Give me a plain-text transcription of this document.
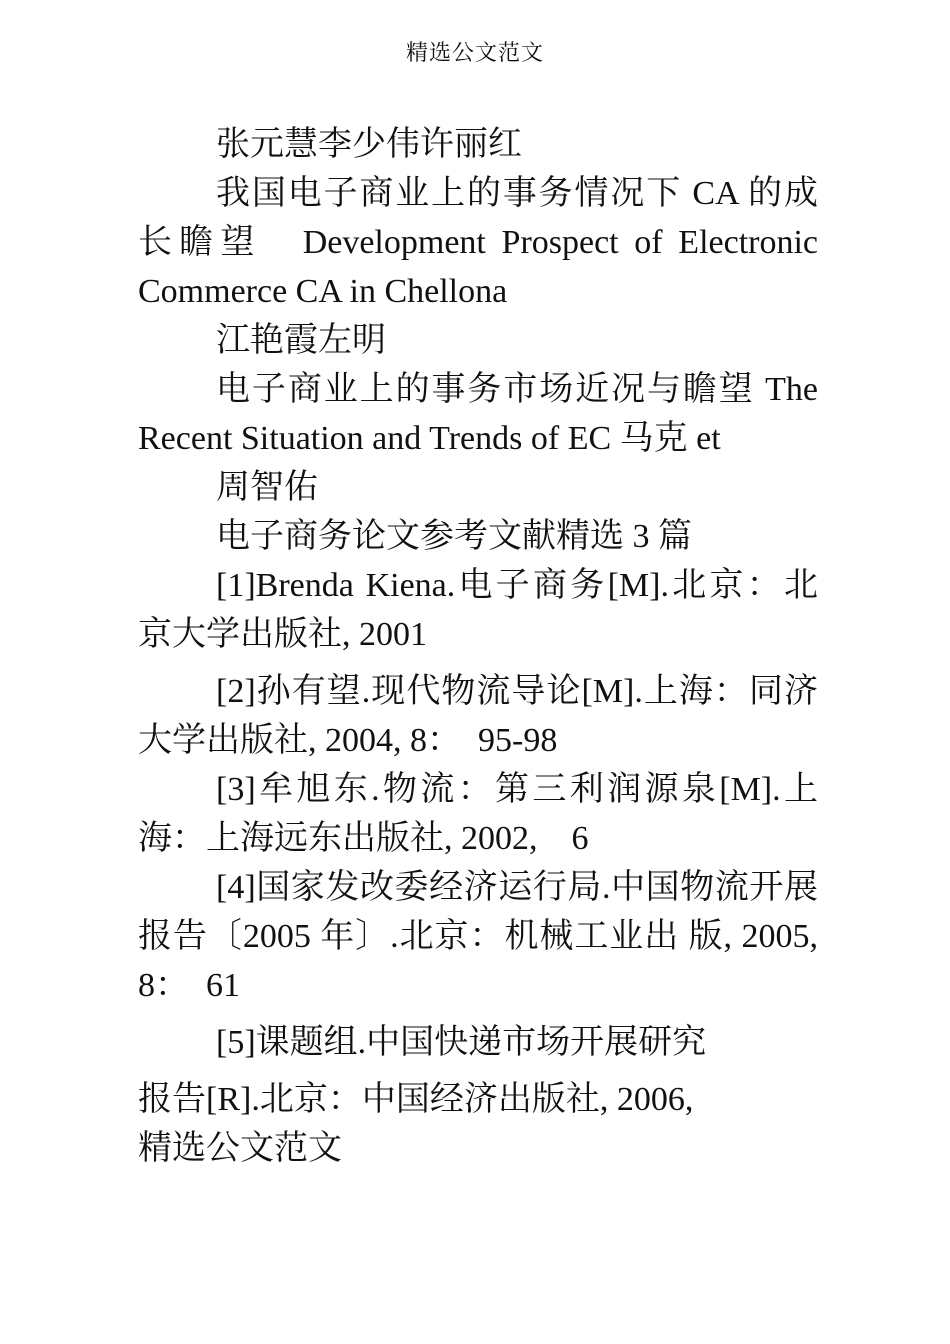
精选公文范文

张元慧李少伟许丽红

我国电子商业上的事务情况下 CA 的成长瞻望　Development Prospect of Electronic Commerce CA in Chellona

江艳霞左明

电子商业上的事务市场近况与瞻望 The Recent Situation and Trends of EC 马克 et

周智佑

电子商务论文参考文献精选 3 篇

[1]Brenda Kiena.电子商务[M].北京：北京大学出版社, 2001

[2]孙有望.现代物流导论[M].上海：同济大学出版社, 2004, 8：　95-98

[3]牟旭东.物流：第三利润源泉[M].上海：上海远东出版社, 2002,　6

[4]国家发改委经济运行局.中国物流开展报告〔2005 年〕.北京：机械工业出 版, 2005, 8：　61

[5]课题组.中国快递市场开展研究

报告[R].北京：中国经济出版社, 2006,

精选公文范文
